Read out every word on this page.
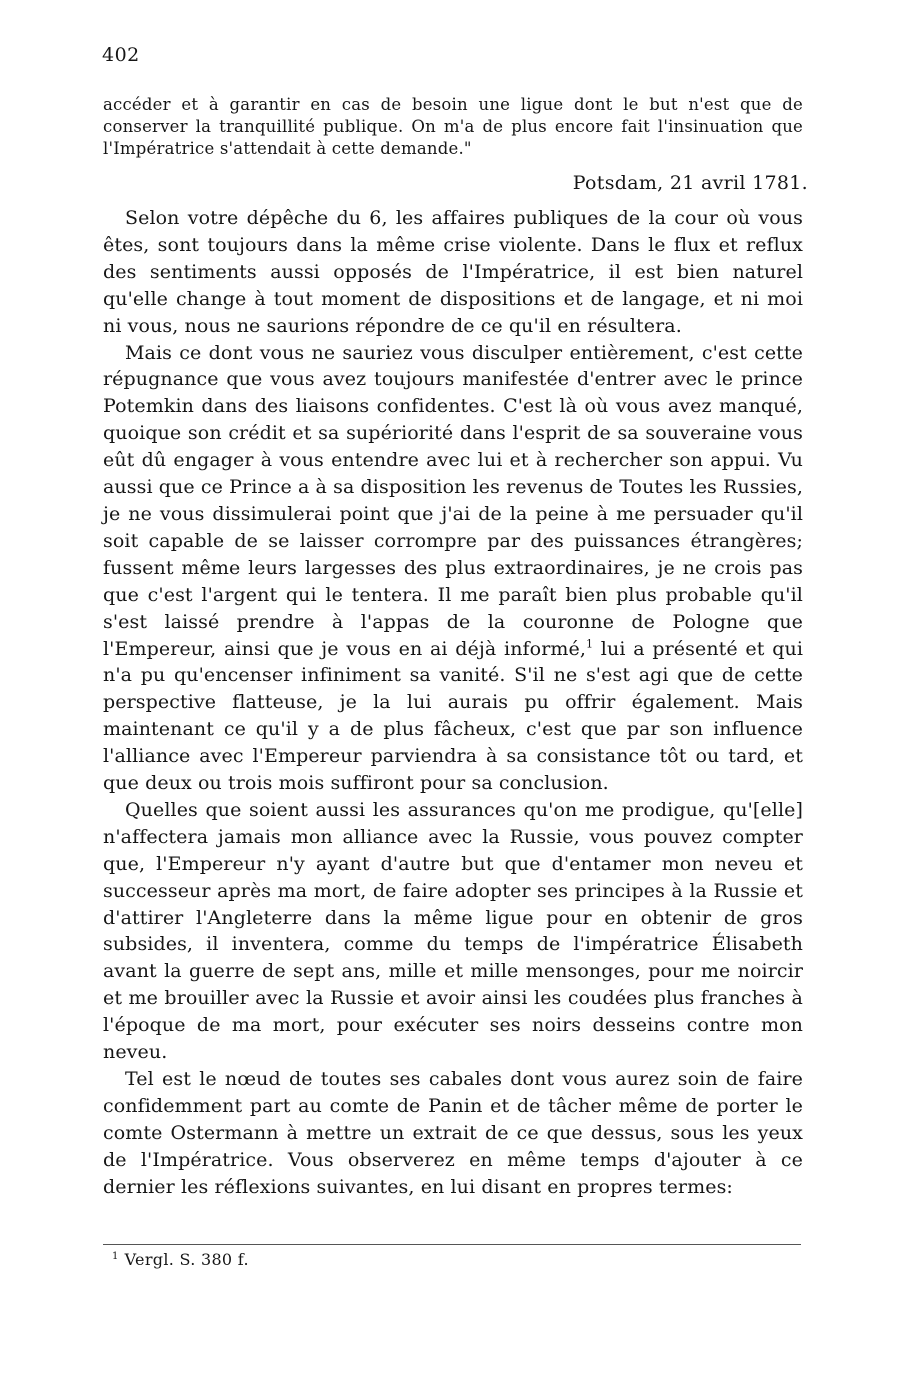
402
accéder et à garantir en cas de besoin une ligue dont le but n'est que de conserver la tranquillité publique. On m'a de plus encore fait l'insinuation que l'Impératrice s'attendait à cette demande."
Potsdam, 21 avril 1781.

Selon votre dépêche du 6, les affaires publiques de la cour où vous êtes, sont toujours dans la même crise violente. Dans le flux et reflux des sentiments aussi opposés de l'Impératrice, il est bien naturel qu'elle change à tout moment de dispositions et de langage, et ni moi ni vous, nous ne saurions répondre de ce qu'il en résultera.

Mais ce dont vous ne sauriez vous disculper entièrement, c'est cette répugnance que vous avez toujours manifestée d'entrer avec le prince Potemkin dans des liaisons confidentes. C'est là où vous avez manqué, quoique son crédit et sa supériorité dans l'esprit de sa souveraine vous eût dû engager à vous entendre avec lui et à rechercher son appui. Vu aussi que ce Prince a à sa disposition les revenus de Toutes les Russies, je ne vous dissimulerai point que j'ai de la peine à me persuader qu'il soit capable de se laisser corrompre par des puissances étrangères; fussent même leurs largesses des plus extraordinaires, je ne crois pas que c'est l'argent qui le tentera. Il me paraît bien plus probable qu'il s'est laissé prendre à l'appas de la couronne de Pologne que l'Empereur, ainsi que je vous en ai déjà informé,$^1$ lui a présenté et qui n'a pu qu'encenser infiniment sa vanité. S'il ne s'est agi que de cette perspective flatteuse, je la lui aurais pu offrir également. Mais maintenant ce qu'il y a de plus fâcheux, c'est que par son influence l'alliance avec l'Empereur parviendra à sa consistance tôt ou tard, et que deux ou trois mois suffiront pour sa conclusion.

Quelles que soient aussi les assurances qu'on me prodigue, qu'[elle] n'affectera jamais mon alliance avec la Russie, vous pouvez compter que, l'Empereur n'y ayant d'autre but que d'entamer mon neveu et successeur après ma mort, de faire adopter ses principes à la Russie et d'attirer l'Angleterre dans la même ligue pour en obtenir de gros subsides, il inventera, comme du temps de l'impératrice Élisabeth avant la guerre de sept ans, mille et mille mensonges, pour me noircir et me brouiller avec la Russie et avoir ainsi les coudées plus franches à l'époque de ma mort, pour exécuter ses noirs desseins contre mon neveu.

Tel est le nœud de toutes ses cabales dont vous aurez soin de faire confidemment part au comte de Panin et de tâcher même de porter le comte Ostermann à mettre un extrait de ce que dessus, sous les yeux de l'Impératrice. Vous observerez en même temps d'ajouter à ce dernier les réflexions suivantes, en lui disant en propres termes:

$^1$ Vergl. S. 380 f.
